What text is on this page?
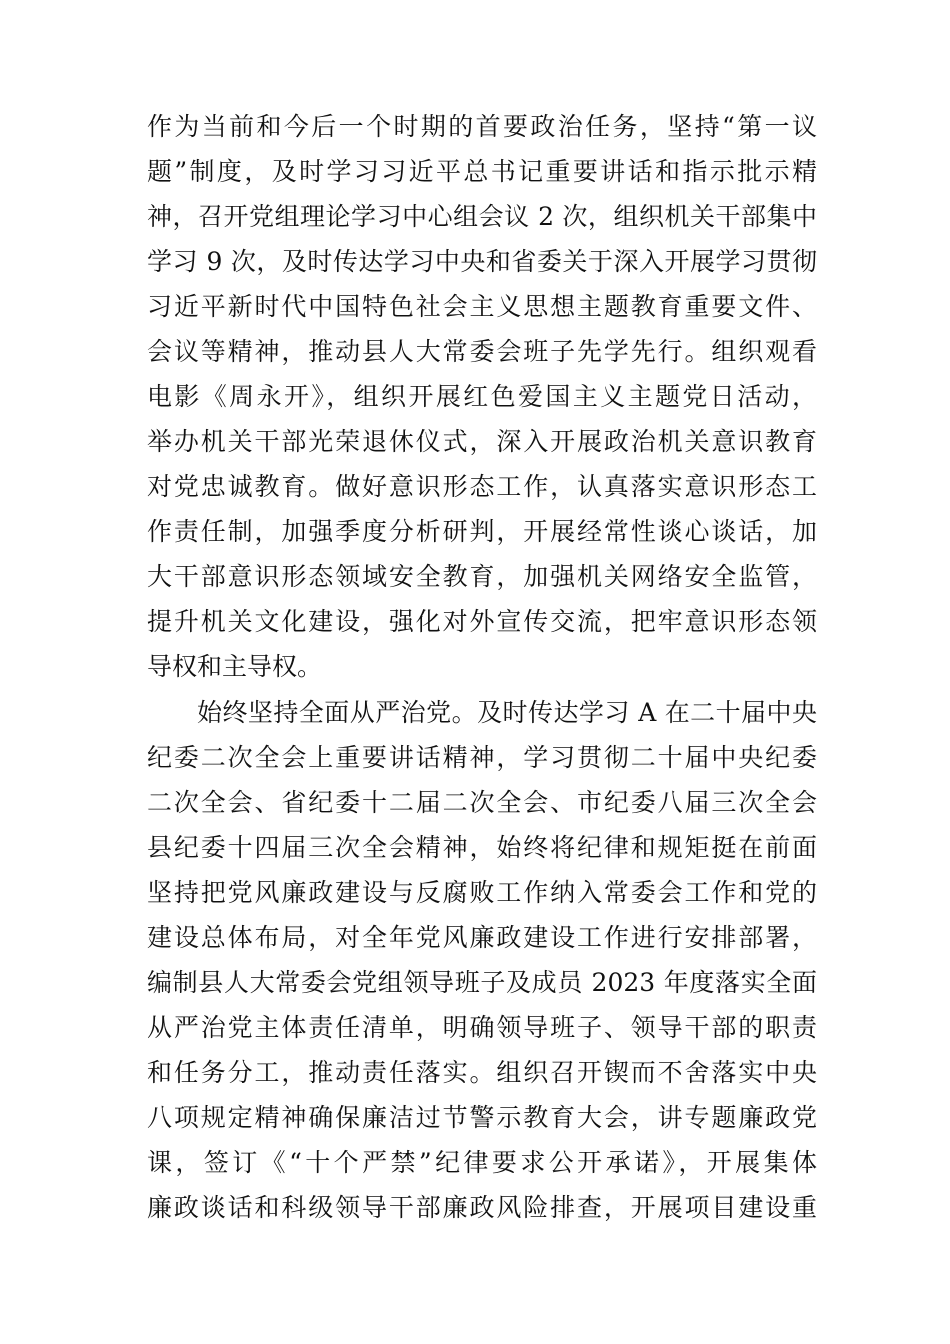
作为当前和今后一个时期的首要政治任务，坚持“第一议
题”制度，及时学习习近平总书记重要讲话和指示批示精
神，召开党组理论学习中心组会议 2 次，组织机关干部集中
学习 9 次，及时传达学习中央和省委关于深入开展学习贯彻
习近平新时代中国特色社会主义思想主题教育重要文件、
会议等精神，推动县人大常委会班子先学先行。组织观看
电影《周永开》，组织开展红色爱国主义主题党日活动，
举办机关干部光荣退休仪式，深入开展政治机关意识教育
对党忠诚教育。做好意识形态工作，认真落实意识形态工
作责任制，加强季度分析研判，开展经常性谈心谈话，加
大干部意识形态领域安全教育，加强机关网络安全监管，
提升机关文化建设，强化对外宣传交流，把牢意识形态领
导权和主导权。
始终坚持全面从严治党。及时传达学习 A 在二十届中央
纪委二次全会上重要讲话精神，学习贯彻二十届中央纪委
二次全会、省纪委十二届二次全会、市纪委八届三次全会
县纪委十四届三次全会精神，始终将纪律和规矩挺在前面
坚持把党风廉政建设与反腐败工作纳入常委会工作和党的
建设总体布局，对全年党风廉政建设工作进行安排部署，
编制县人大常委会党组领导班子及成员 2023 年度落实全面
从严治党主体责任清单，明确领导班子、领导干部的职责
和任务分工，推动责任落实。组织召开锲而不舍落实中央
八项规定精神确保廉洁过节警示教育大会，讲专题廉政党
课，签订《“十个严禁”纪律要求公开承诺》，开展集体
廉政谈话和科级领导干部廉政风险排查，开展项目建设重
